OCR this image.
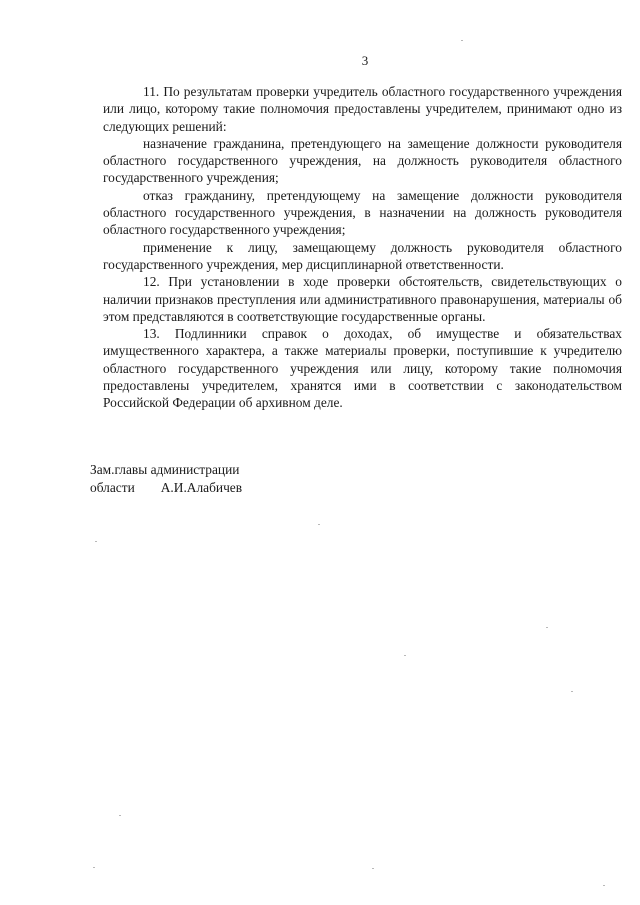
3

11. По результатам проверки учредитель областного государственного учреждения или лицо, которому такие полномочия предоставлены учредителем, принимают одно из следующих решений:

назначение гражданина, претендующего на замещение должности руководителя областного государственного учреждения, на должность руководителя областного государственного учреждения;

отказ гражданину, претендующему на замещение должности руководителя областного государственного учреждения, в назначении на должность руководителя областного государственного учреждения;

применение к лицу, замещающему должность руководителя областного государственного учреждения, мер дисциплинарной ответственности.

12. При установлении в ходе проверки обстоятельств, свидетельствующих о наличии признаков преступления или административного правонарушения, материалы об этом представляются в соответствующие государственные органы.

13. Подлинники справок о доходах, об имуществе и обязательствах имущественного характера, а также материалы проверки, поступившие к учредителю областного государственного учреждения или лицу, которому такие полномочия предоставлены учредителем, хранятся ими в соответствии с законодательством Российской Федерации об архивном деле.

Зам.главы администрации
области А.И.Алабичев
